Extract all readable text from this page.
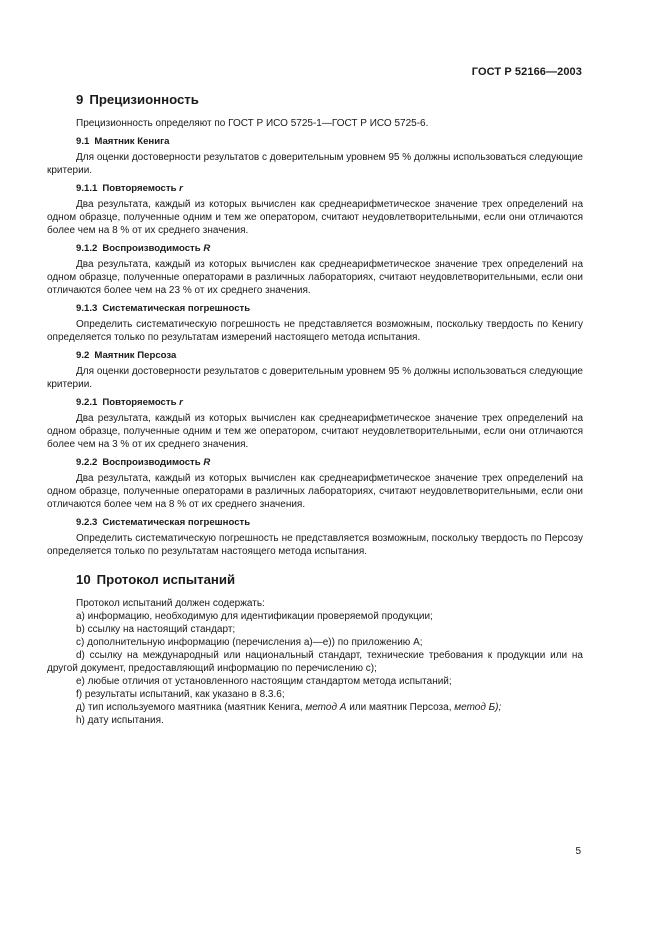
ГОСТ Р 52166—2003
9 Прецизионность

Прецизионность определяют по ГОСТ Р ИСО 5725-1—ГОСТ Р ИСО 5725-6.

9.1 Маятник Кенига

Для оценки достоверности результатов с доверительным уровнем 95 % должны использоваться следующие критерии.

9.1.1 Повторяемость r

Два результата, каждый из которых вычислен как среднеарифметическое значение трех определений на одном образце, полученные одним и тем же оператором, считают неудовлетворительными, если они отличаются более чем на 8 % от их среднего значения.

9.1.2 Воспроизводимость R

Два результата, каждый из которых вычислен как среднеарифметическое значение трех определений на одном образце, полученные операторами в различных лабораториях, считают неудовлетворительными, если они отличаются более чем на 23 % от их среднего значения.

9.1.3 Систематическая погрешность

Определить систематическую погрешность не представляется возможным, поскольку твердость по Кенигу определяется только по результатам измерений настоящего метода испытания.

9.2 Маятник Персоза

Для оценки достоверности результатов с доверительным уровнем 95 % должны использоваться следующие критерии.

9.2.1 Повторяемость r

Два результата, каждый из которых вычислен как среднеарифметическое значение трех определений на одном образце, полученные одним и тем же оператором, считают неудовлетворительными, если они отличаются более чем на 3 % от их среднего значения.

9.2.2 Воспроизводимость R

Два результата, каждый из которых вычислен как среднеарифметическое значение трех определений на одном образце, полученные операторами в различных лабораториях, считают неудовлетворительными, если они отличаются более чем на 8 % от их среднего значения.

9.2.3 Систематическая погрешность

Определить систематическую погрешность не представляется возможным, поскольку твердость по Персозу определяется только по результатам настоящего метода испытания.

10 Протокол испытаний

Протокол испытаний должен содержать:

a) информацию, необходимую для идентификации проверяемой продукции;

b) ссылку на настоящий стандарт;

c) дополнительную информацию (перечисления а)—е)) по приложению А;

d) ссылку на международный или национальный стандарт, технические требования к продукции или на другой документ, предоставляющий информацию по перечислению с);

e) любые отличия от установленного настоящим стандартом метода испытаний;

f) результаты испытаний, как указано в 8.3.6;

д) тип используемого маятника (маятник Кенига, метод А или маятник Персоза, метод Б);

h) дату испытания.

5
